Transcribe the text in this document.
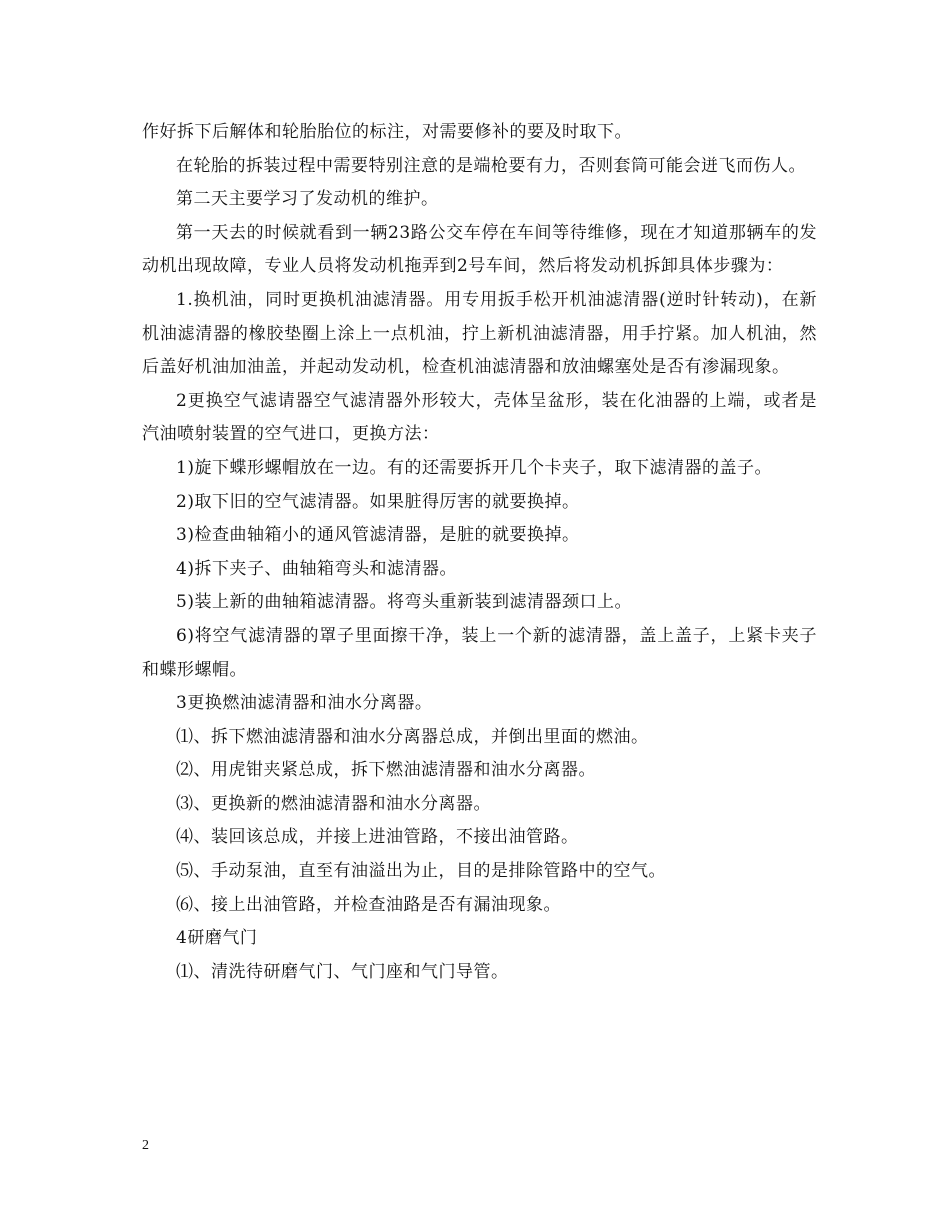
作好拆下后解体和轮胎胎位的标注，对需要修补的要及时取下。

在轮胎的拆装过程中需要特别注意的是端枪要有力，否则套筒可能会迸飞而伤人。

第二天主要学习了发动机的维护。

第一天去的时候就看到一辆23路公交车停在车间等待维修，现在才知道那辆车的发动机出现故障，专业人员将发动机拖弄到2号车间，然后将发动机拆卸具体步骤为：

1.换机油，同时更换机油滤清器。用专用扳手松开机油滤清器(逆时针转动)，在新机油滤清器的橡胶垫圈上涂上一点机油，拧上新机油滤清器，用手拧紧。加人机油，然后盖好机油加油盖，并起动发动机，检查机油滤清器和放油螺塞处是否有渗漏现象。

2更换空气滤请器空气滤清器外形较大，壳体呈盆形，装在化油器的上端，或者是汽油喷射装置的空气进口，更换方法：

1)旋下蝶形螺帽放在一边。有的还需要拆开几个卡夹子，取下滤清器的盖子。

2)取下旧的空气滤清器。如果脏得厉害的就要换掉。

3)检查曲轴箱小的通风管滤清器，是脏的就要换掉。

4)拆下夹子、曲轴箱弯头和滤清器。

5)装上新的曲轴箱滤清器。将弯头重新装到滤清器颈口上。

6)将空气滤清器的罩子里面擦干净，装上一个新的滤清器，盖上盖子，上紧卡夹子和蝶形螺帽。

3更换燃油滤清器和油水分离器。

⑴、拆下燃油滤清器和油水分离器总成，并倒出里面的燃油。

⑵、用虎钳夹紧总成，拆下燃油滤清器和油水分离器。

⑶、更换新的燃油滤清器和油水分离器。

⑷、装回该总成，并接上进油管路，不接出油管路。

⑸、手动泵油，直至有油溢出为止，目的是排除管路中的空气。

⑹、接上出油管路，并检查油路是否有漏油现象。

4研磨气门

⑴、清洗待研磨气门、气门座和气门导管。

2
